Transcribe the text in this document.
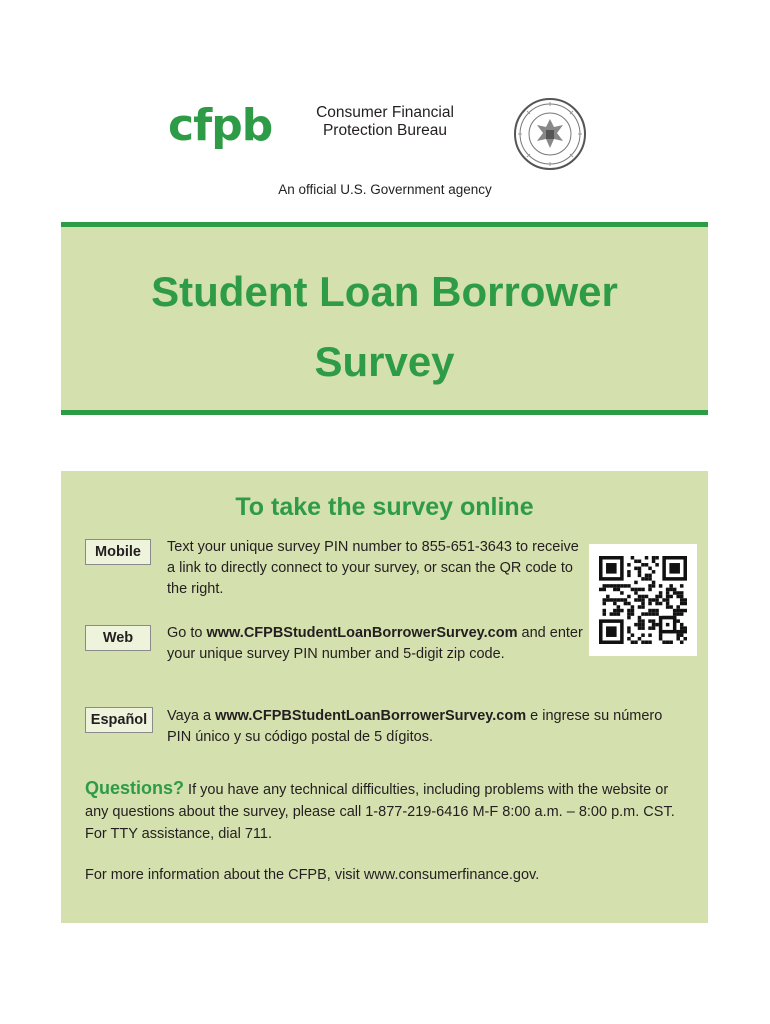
cfpb	Consumer Financial
Protection Bureau
An official U.S. Government agency
Student Loan Borrower
Survey
To take the survey online
Mobile	Text your unique survey PIN number to 855-651-3643 to receive a link to directly connect to your survey, or scan the QR code to the right.
Web	Go to www.CFPBStudentLoanBorrowerSurvey.com and enter your unique survey PIN number and 5-digit zip code.
Español	Vaya a www.CFPBStudentLoanBorrowerSurvey.com e ingrese su número PIN único y su código postal de 5 dígitos.
Questions? If you have any technical difficulties, including problems with the website or any questions about the survey, please call 1-877-219-6416 M-F 8:00 a.m. – 8:00 p.m. CST. For TTY assistance, dial 711.
For more information about the CFPB, visit www.consumerfinance.gov.
